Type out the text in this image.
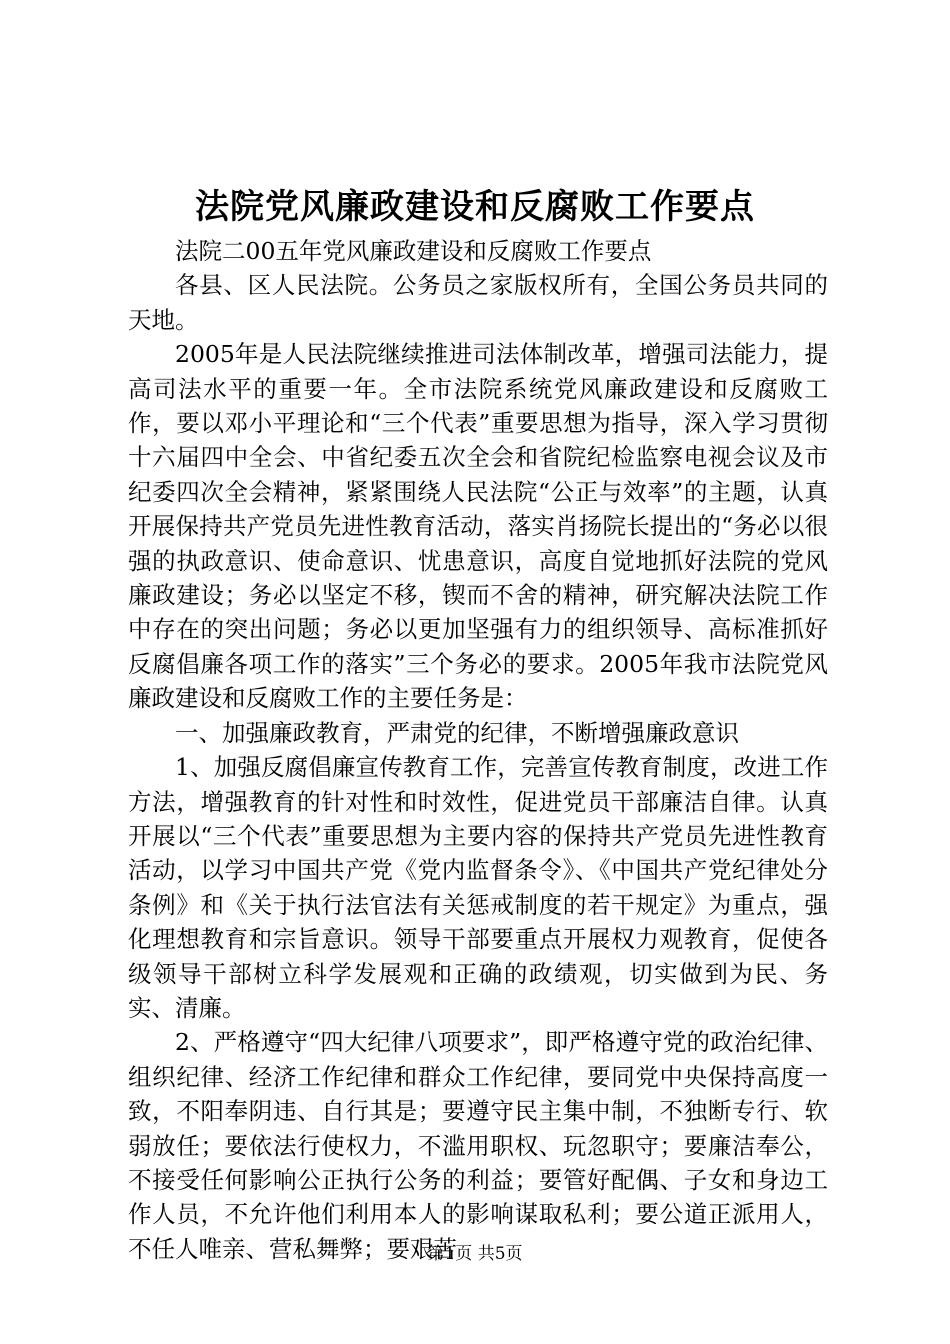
法院党风廉政建设和反腐败工作要点

法院二00五年党风廉政建设和反腐败工作要点

各县、区人民法院。公务员之家版权所有，全国公务员共同的天地。

2005年是人民法院继续推进司法体制改革，增强司法能力，提高司法水平的重要一年。全市法院系统党风廉政建设和反腐败工作，要以邓小平理论和“三个代表”重要思想为指导，深入学习贯彻十六届四中全会、中省纪委五次全会和省院纪检监察电视会议及市纪委四次全会精神，紧紧围绕人民法院“公正与效率”的主题，认真开展保持共产党员先进性教育活动，落实肖扬院长提出的“务必以很强的执政意识、使命意识、忧患意识，高度自觉地抓好法院的党风廉政建设；务必以坚定不移，锲而不舍的精神，研究解决法院工作中存在的突出问题；务必以更加坚强有力的组织领导、高标准抓好反腐倡廉各项工作的落实”三个务必的要求。2005年我市法院党风廉政建设和反腐败工作的主要任务是：

一、加强廉政教育，严肃党的纪律，不断增强廉政意识

1、加强反腐倡廉宣传教育工作，完善宣传教育制度，改进工作方法，增强教育的针对性和时效性，促进党员干部廉洁自律。认真开展以“三个代表”重要思想为主要内容的保持共产党员先进性教育活动，以学习中国共产党《党内监督条令》、《中国共产党纪律处分条例》和《关于执行法官法有关惩戒制度的若干规定》为重点，强化理想教育和宗旨意识。领导干部要重点开展权力观教育，促使各级领导干部树立科学发展观和正确的政绩观，切实做到为民、务实、清廉。

2、严格遵守“四大纪律八项要求”，即严格遵守党的政治纪律、组织纪律、经济工作纪律和群众工作纪律，要同党中央保持高度一致，不阳奉阴违、自行其是；要遵守民主集中制，不独断专行、软弱放任；要依法行使权力，不滥用职权、玩忽职守；要廉洁奉公，不接受任何影响公正执行公务的利益；要管好配偶、子女和身边工作人员，不允许他们利用本人的影响谋取私利；要公道正派用人，不任人唯亲、营私舞弊；要艰苦

第1页 共5页
